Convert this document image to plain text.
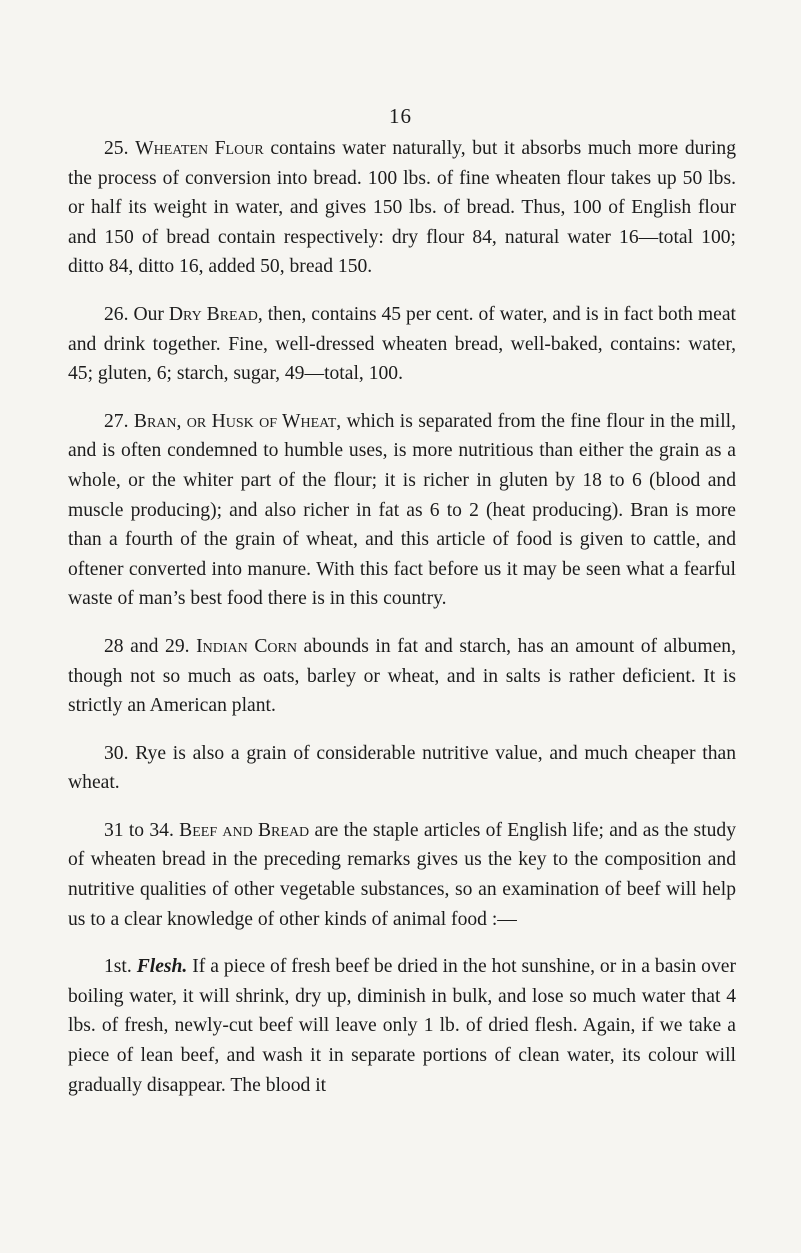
16

25. Wheaten Flour contains water naturally, but it absorbs much more during the process of conversion into bread. 100 lbs. of fine wheaten flour takes up 50 lbs. or half its weight in water, and gives 150 lbs. of bread. Thus, 100 of English flour and 150 of bread contain respectively: dry flour 84, natural water 16—total 100; ditto 84, ditto 16, added 50, bread 150.

26. Our Dry Bread, then, contains 45 per cent. of water, and is in fact both meat and drink together. Fine, well-dressed wheaten bread, well-baked, contains: water, 45; gluten, 6; starch, sugar, 49—total, 100.

27. Bran, or Husk of Wheat, which is separated from the fine flour in the mill, and is often condemned to humble uses, is more nutritious than either the grain as a whole, or the whiter part of the flour; it is richer in gluten by 18 to 6 (blood and muscle producing); and also richer in fat as 6 to 2 (heat producing). Bran is more than a fourth of the grain of wheat, and this article of food is given to cattle, and oftener converted into manure. With this fact before us it may be seen what a fearful waste of man’s best food there is in this country.

28 and 29. Indian Corn abounds in fat and starch, has an amount of albumen, though not so much as oats, barley or wheat, and in salts is rather deficient. It is strictly an American plant.

30. Rye is also a grain of considerable nutritive value, and much cheaper than wheat.

31 to 34. Beef and Bread are the staple articles of English life; and as the study of wheaten bread in the preceding remarks gives us the key to the composition and nutritive qualities of other vegetable substances, so an examination of beef will help us to a clear knowledge of other kinds of animal food :—

1st. Flesh. If a piece of fresh beef be dried in the hot sunshine, or in a basin over boiling water, it will shrink, dry up, diminish in bulk, and lose so much water that 4 lbs. of fresh, newly-cut beef will leave only 1 lb. of dried flesh. Again, if we take a piece of lean beef, and wash it in separate portions of clean water, its colour will gradually disappear. The blood it
